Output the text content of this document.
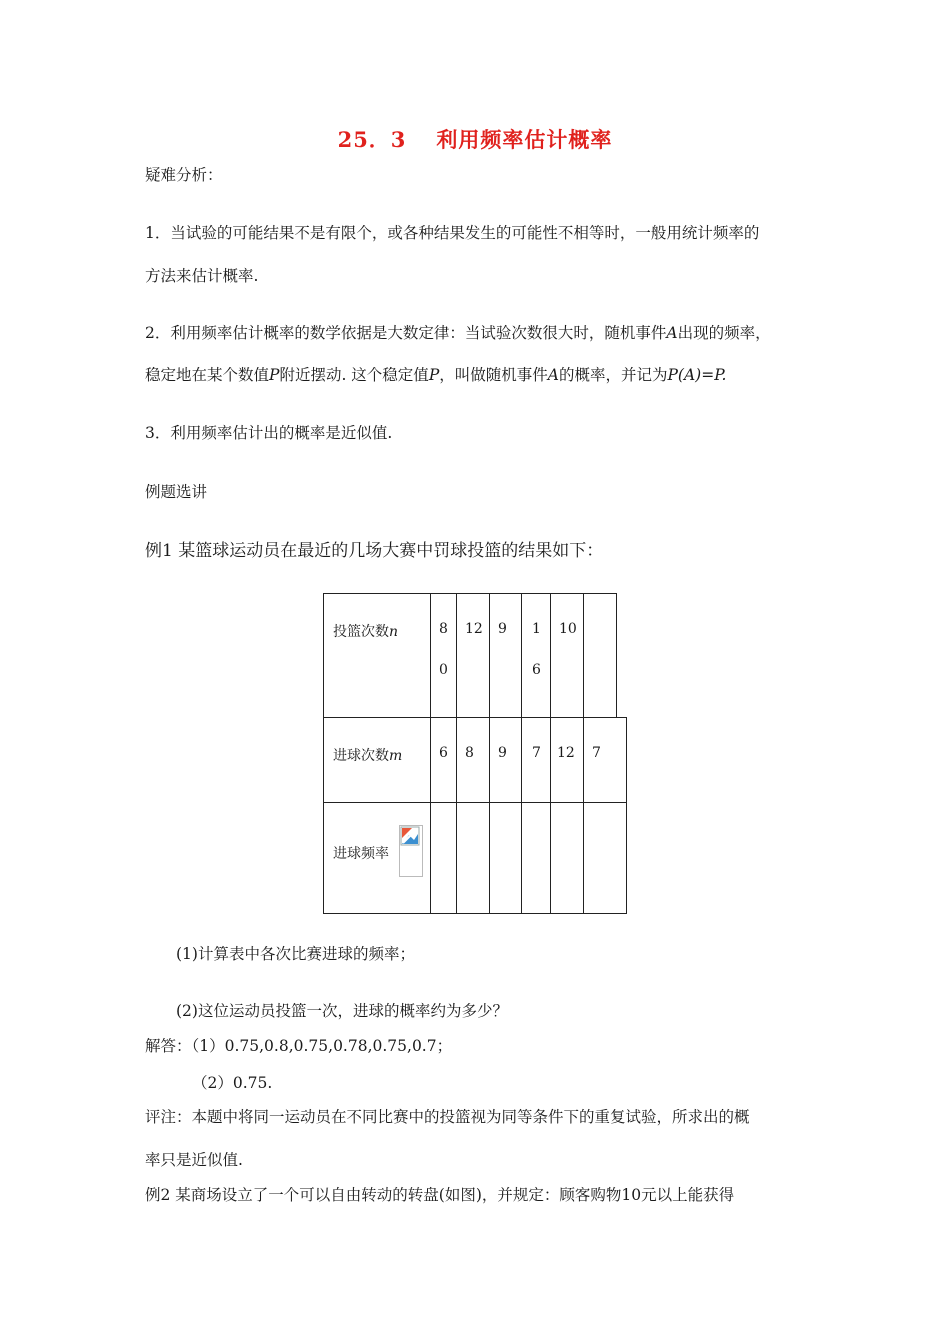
25．3 利用频率估计概率
疑难分析：
1．当试验的可能结果不是有限个，或各种结果发生的可能性不相等时，一般用统计频率的
方法来估计概率.
2．利用频率估计概率的数学依据是大数定律：当试验次数很大时，随机事件A出现的频率，
稳定地在某个数值P附近摆动. 这个稳定值P，叫做随机事件A的概率，并记为P(A)=P.
3．利用频率估计出的概率是近似值.
例题选讲
例1 某篮球运动员在最近的几场大赛中罚球投篮的结果如下：
投篮次数n	8
0
12 9 1
6
10
进球次数m	6 8 9 7 12 7
进球频率
(1)计算表中各次比赛进球的频率；
(2)这位运动员投篮一次，进球的概率约为多少？
解答：（1）0.75,0.8,0.75,0.78,0.75,0.7；
（2）0.75.
评注：本题中将同一运动员在不同比赛中的投篮视为同等条件下的重复试验，所求出的概
率只是近似值.
例2 某商场设立了一个可以自由转动的转盘(如图)，并规定：顾客购物10元以上能获得
